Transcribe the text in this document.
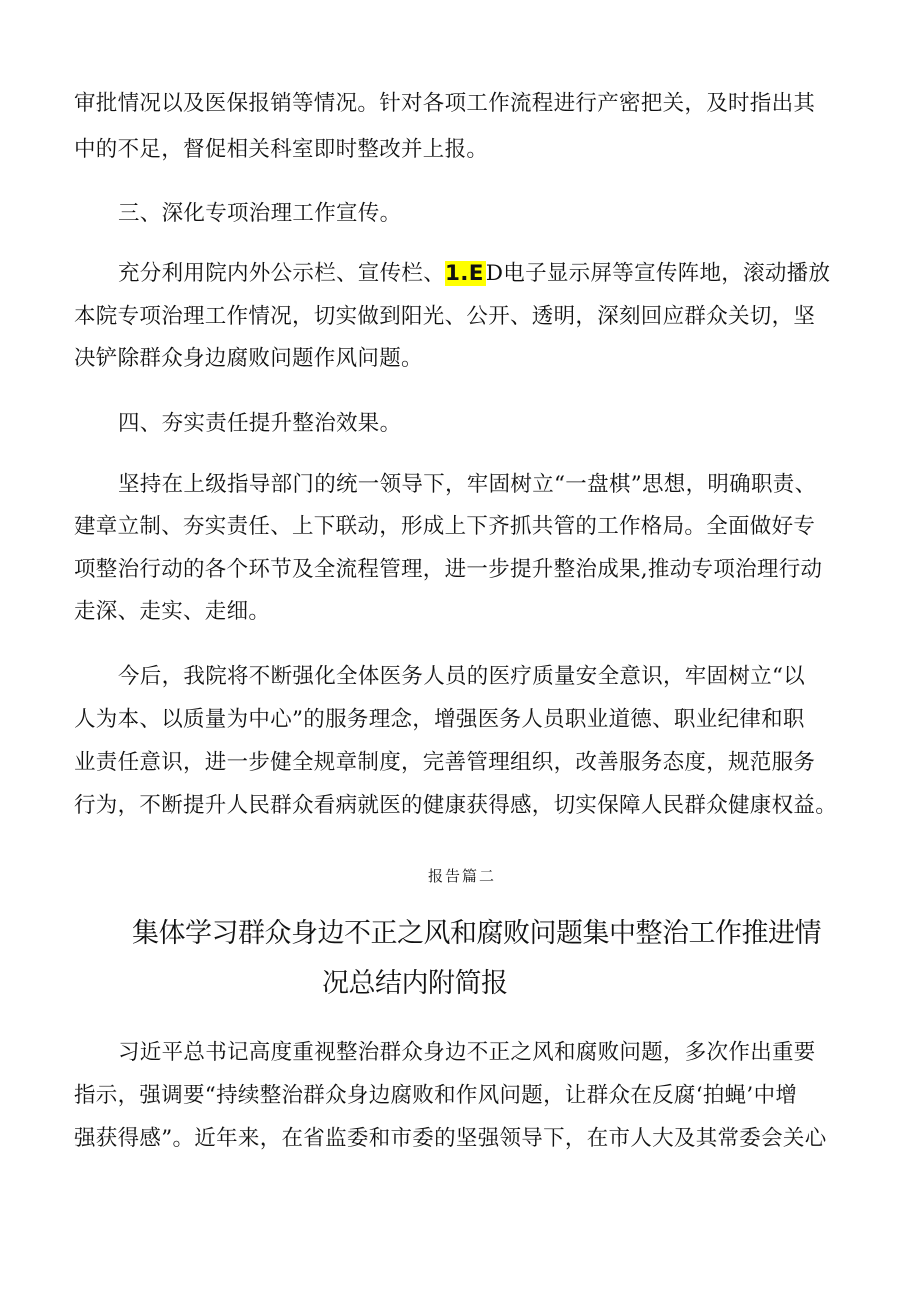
审批情况以及医保报销等情况。针对各项工作流程进行产密把关，及时指出其
中的不足，督促相关科室即时整改并上报。
三、深化专项治理工作宣传。
充分利用院内外公示栏、宣传栏、1.ED电子显示屏等宣传阵地，滚动播放
本院专项治理工作情况，切实做到阳光、公开、透明，深刻回应群众关切，坚
决铲除群众身边腐败问题作风问题。
四、夯实责任提升整治效果。
坚持在上级指导部门的统一领导下，牢固树立“一盘棋”思想，明确职责、
建章立制、夯实责任、上下联动，形成上下齐抓共管的工作格局。全面做好专
项整治行动的各个环节及全流程管理，进一步提升整治成果,推动专项治理行动
走深、走实、走细。
今后，我院将不断强化全体医务人员的医疗质量安全意识，牢固树立“以
人为本、以质量为中心”的服务理念，增强医务人员职业道德、职业纪律和职
业责任意识，进一步健全规章制度，完善管理组织，改善服务态度，规范服务
行为，不断提升人民群众看病就医的健康获得感，切实保障人民群众健康权益。
报告篇二
集体学习群众身边不正之风和腐败问题集中整治工作推进情
况总结内附简报
习近平总书记高度重视整治群众身边不正之风和腐败问题，多次作出重要
指示，强调要“持续整治群众身边腐败和作风问题，让群众在反腐‘拍蝇’中增
强获得感”。近年来，在省监委和市委的坚强领导下，在市人大及其常委会关心
